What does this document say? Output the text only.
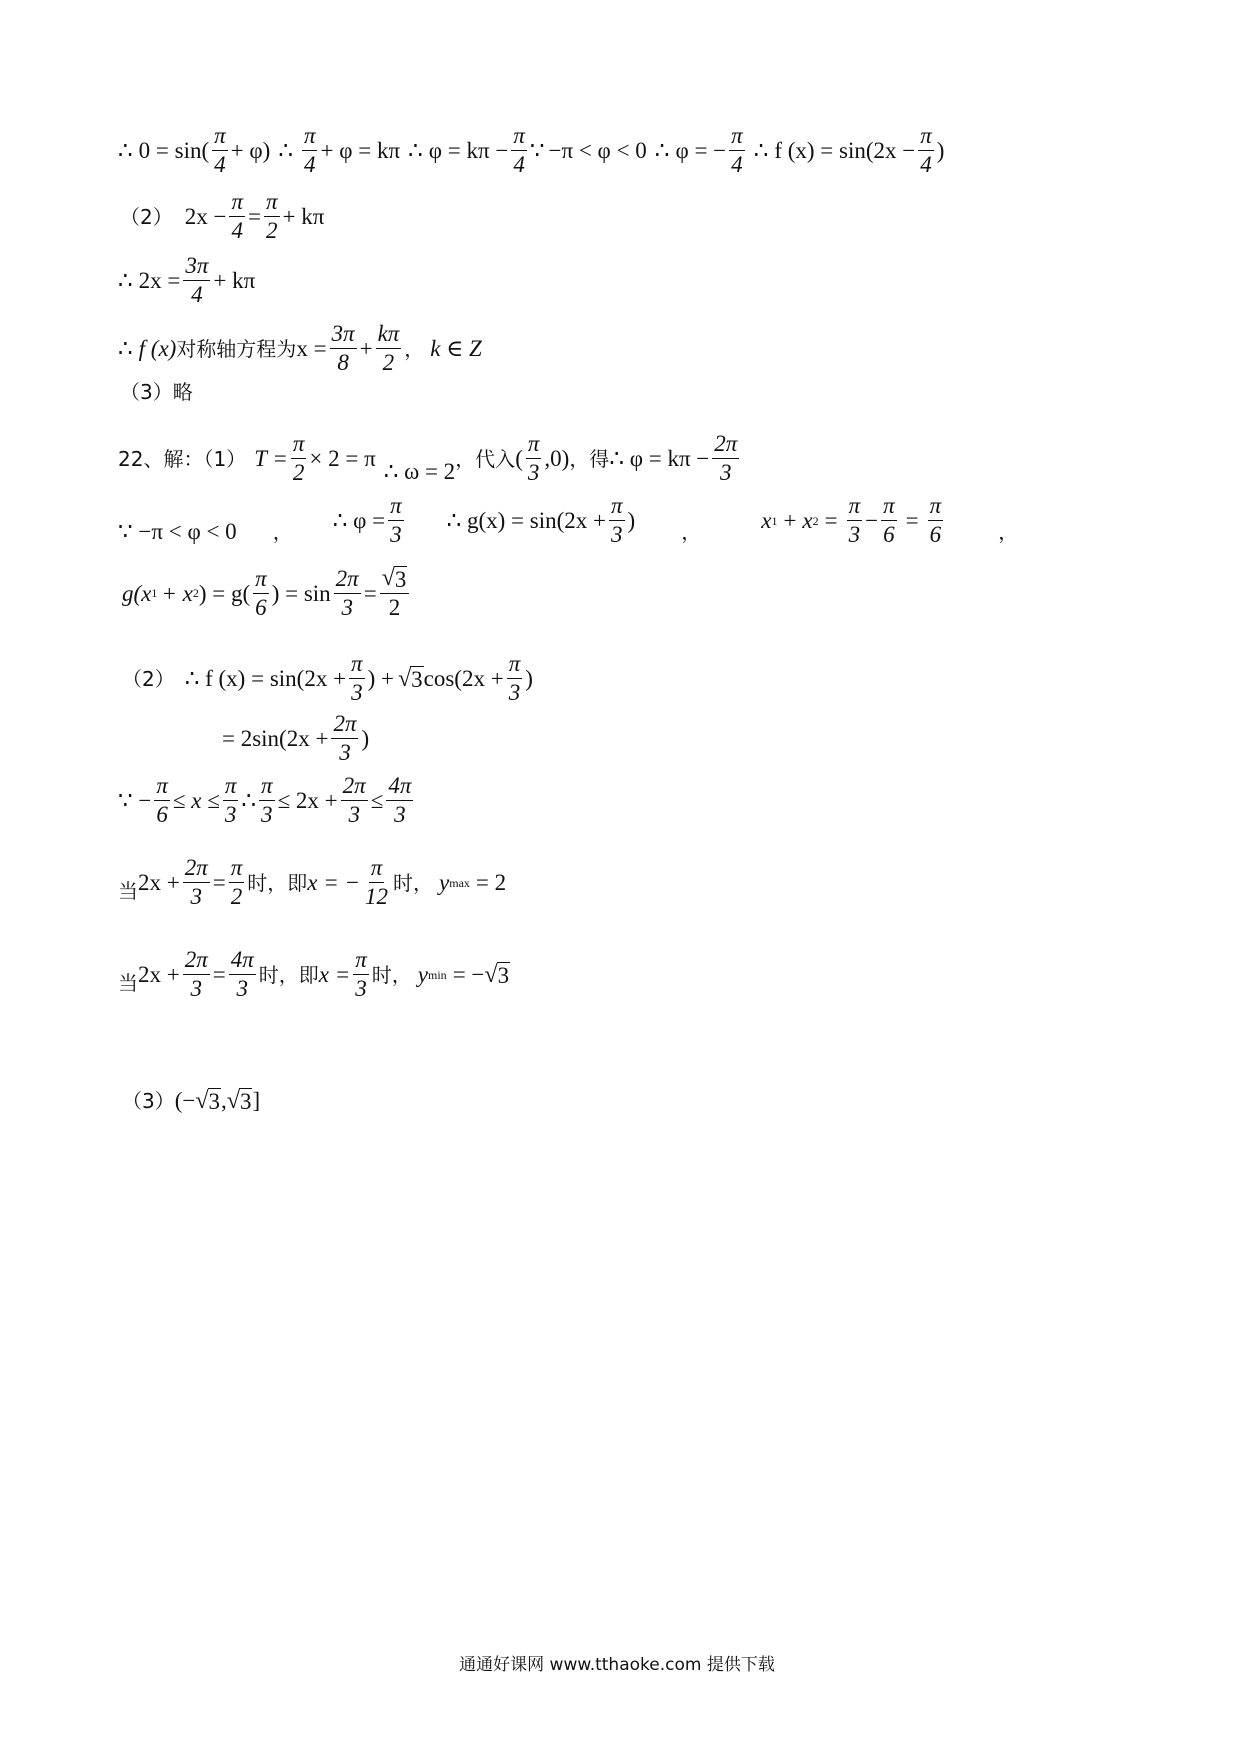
∴ $0 = \sin( \frac{\pi}{4} + \varphi)$ ∴ $\frac{\pi}{4} + \varphi = k\pi$ ∴ $\varphi = k\pi - \frac{\pi}{4}$ ∵ −π < φ < 0 ∴ φ = − $\frac{\pi}{4}$ ∴ f $(x) = \sin(2x - \frac{\pi}{4}$ )
（2） $2x - \frac{\pi}{4} = \frac{\pi}{2} + k\pi$
∴ $2x = \frac{3\pi}{4} + k\pi$
∴ f (x) 对称轴方程为 $x = \frac{3\pi}{8} + \frac{k\pi}{2}$ ， k ∈ Z
（3）略
22、解：（1） $T = \frac{\pi}{2} \times 2 = \pi$
∴ ω = 2
，代入 ( $\frac{\pi}{3} ,0$) ，得 ∴ $\varphi = k\pi - \frac{2\pi}{3}$
∵ −π < φ < 0 ， ∴ $\varphi = \frac{\pi}{3}$ ∴ $g(x) = \sin(2x + \frac{\pi}{3}$ ) ，	x 1 + x $2 = \frac{\pi}{3} - \frac{\pi}{6} = \frac{\pi}{6}$	，
g(x 1 + x 2 ) = $g( \frac{\pi}{6}$ ) = $\sin \frac{2\pi}{3} = \frac{√ 3}{2}$
（2） ∴ f $(x) = \sin(2x + \frac{\pi}{3}$ ) + √ 3 $\cos(2x + \frac{\pi}{3}$ )
= $2\sin(2x + \frac{2\pi}{3}$ )
∵ − $\frac{\pi}{6} \le x \le \frac{\pi}{3}$ ∴ $\frac{\pi}{3} \le 2x + \frac{2\pi}{3} \le \frac{4\pi}{3}$
当 $2x + \frac{2\pi}{3} = \frac{\pi}{2}$ 时，即 x = − $\frac{\pi}{12}$ 时， y max = 2
当 $2x + \frac{2\pi}{3} = \frac{4\pi}{3}$ 时，即 $x = \frac{\pi}{3}$ 时， y min = − √ 3
（3） (− √ 3 , √ 3 ]
通通好课网 www.tthaoke.com 提供下载
